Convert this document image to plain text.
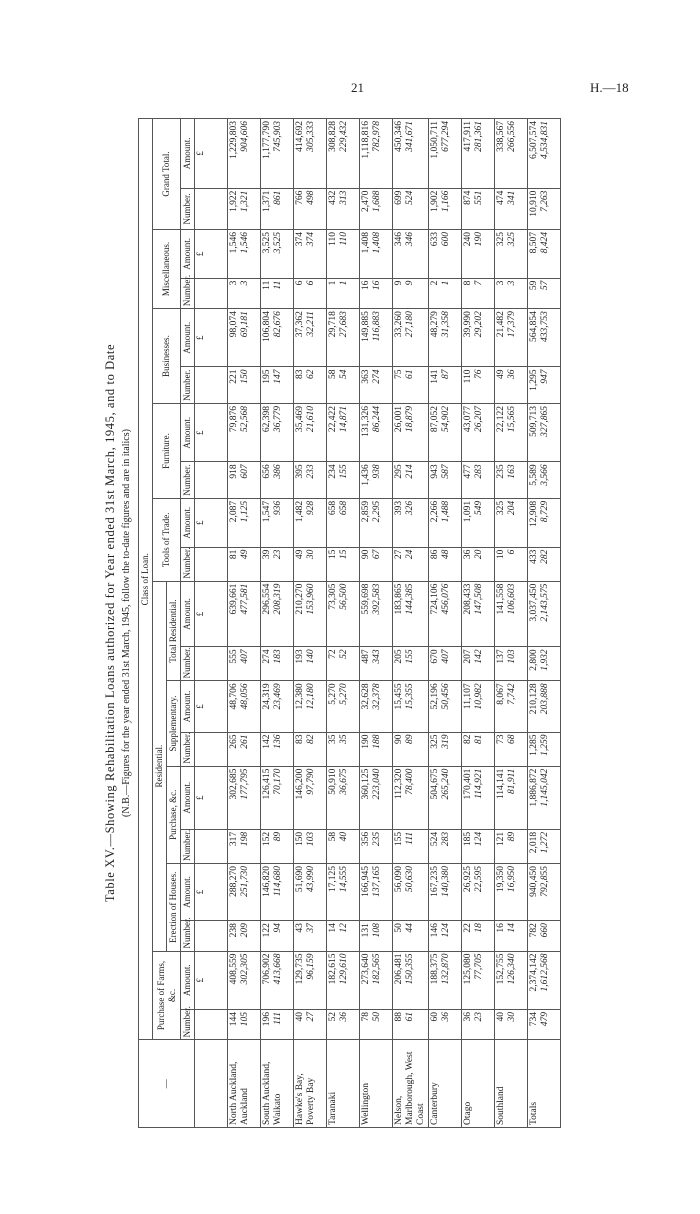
21	H.—18
Table XV.—Showing Rehabilitation Loans authorized for Year ended 31st March, 1945, and to Date (N.B.—Figures for the year ended 31st March, 1945, follow the to-date figures and are in italics)
—	Class of Loan.																			
	Purchase of Farms, &c.		Residential.								Tools of Trade.		Furniture.		Businesses.		Miscellaneous.		Grand Total.	
			Erection of Houses.		Purchase, &c.		Supplementary.		Total Residential.											
	Number.	Amount.	Number.	Amount.	Number.	Amount.	Number.	Amount.	Number.	Amount.	Number.	Amount.	Number.	Amount.	Number.	Amount.	Number.	Amount.	Number.	Amount.
		£		£		£		£		£		£		£		£		£		£
North Auckland, Auckland	144 105	408,559 302,305	238 209	288,270 251,730	317 198	302,685 177,795	265 261	48,706 48,056	555 407	639,661 477,581	81 49	2,087 1,125	918 607	79,876 52,568	221 150	98,074 69,181	3 3	1,546 1,546	1,922 1,321	1,229,803 904,606

South Auckland, Waikato	196 111	706,902 413,668	122 94	146,820 114,680	152 89	126,415 70,170	142 136	24,319 23,469	274 183	296,554 208,319	39 23	1,547 936	656 386	62,398 36,779	195 147	106,804 82,676	11 11	3,525 3,525	1,371 861	1,177,790 745,903

Hawke's Bay, Poverty Bay	40 27	129,735 96,159	43 37	51,690 43,990	150 103	146,200 97,790	83 82	12,380 12,180	193 140	210,270 153,960	49 30	1,482 928	395 233	35,469 21,610	83 62	37,362 32,211	6 6	374 374	766 498	414,692 305,333

Taranaki	52 36	182,615 129,610	14 12	17,125 14,555	58 40	50,910 36,675	35 35	5,270 5,270	72 52	73,305 56,500	15 15	658 658	234 155	22,422 14,871	58 54	29,718 27,683	1 1	110 110	432 313	308,828 229,432

Wellington	78 50	273,640 182,565	131 108	166,945 137,165	356 235	360,125 223,040	190 188	32,628 32,378	487 343	559,698 392,583	90 67	2,859 2,295	1,436 938	131,326 86,244	363 274	149,885 116,883	16 16	1,408 1,408	2,470 1,688	1,118,816 782,978

Nelson, Marlborough, West Coast	88 61	206,481 150,355	50 44	56,090 50,630	155 111	112,320 78,400	90 89	15,455 15,355	205 155	183,865 144,385	27 24	393 326	295 214	26,001 18,879	75 61	33,260 27,180	9 9	346 346	699 524	450,346 341,671

Canterbury	60 36	188,375 132,870	146 124	167,235 140,380	524 283	504,675 265,240	325 319	52,196 50,456	670 407	724,106 456,076	86 48	2,266 1,488	943 587	87,052 54,902	141 87	48,279 31,358	2 1	633 600	1,902 1,166	1,050,711 677,294

Otago	36 23	125,080 77,705	22 18	26,925 22,595	185 124	170,401 114,921	82 81	11,107 10,982	207 142	208,433 147,508	36 20	1,091 549	477 283	43,077 26,207	110 76	39,990 29,202	8 7	240 190	874 551	417,911 281,361

Southland	40 30	152,755 126,340	16 14	19,350 16,950	121 89	114,141 81,911	73 68	8,067 7,742	137 103	141,558 106,603	10 6	325 204	235 163	22,122 15,565	49 36	21,482 17,379	3 3	325 325	474 341	338,567 266,556

Totals	734 479	2,374,142 1,612,568	782 660	940,450 792,855	2,018 1,272	1,886,872 1,145,042	1,285 1,259	210,128 203,888	2,800 1,932	3,037,450 2,143,575	433 282	12,908 8,729	5,589 3,566	509,713 327,865	1,295 947	564,854 433,753	59 57	8,507 8,424	10,910 7,263	6,507,574 4,534,831
